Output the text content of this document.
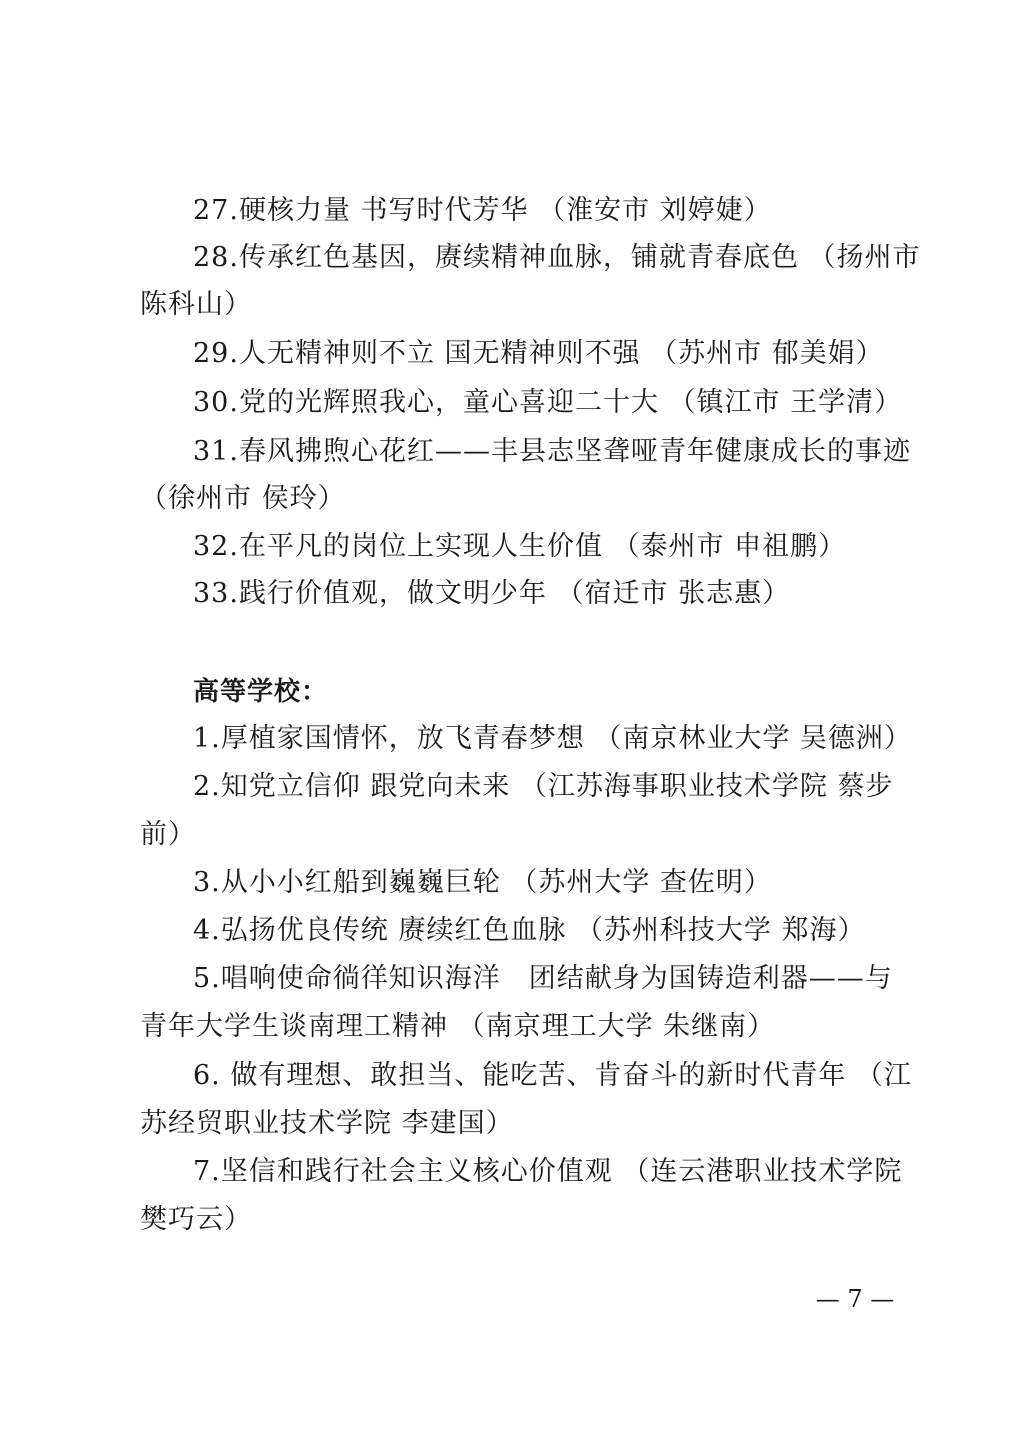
27.硬核力量 书写时代芳华 （淮安市 刘婷婕）
28.传承红色基因，赓续精神血脉，铺就青春底色 （扬州市
陈科山）
29.人无精神则不立 国无精神则不强 （苏州市 郁美娟）
30.党的光辉照我心，童心喜迎二十大 （镇江市 王学清）
31.春风拂煦心花红——丰县志坚聋哑青年健康成长的事迹
（徐州市 侯玲）
32.在平凡的岗位上实现人生价值 （泰州市 申祖鹏）
33.践行价值观，做文明少年 （宿迁市 张志惠）
高等学校：
1.厚植家国情怀，放飞青春梦想 （南京林业大学 吴德洲）
2.知党立信仰 跟党向未来 （江苏海事职业技术学院 蔡步
前）
3.从小小红船到巍巍巨轮 （苏州大学 查佐明）
4.弘扬优良传统 赓续红色血脉 （苏州科技大学 郑海）
5.唱响使命徜徉知识海洋　团结献身为国铸造利器——与
青年大学生谈南理工精神 （南京理工大学 朱继南）
6. 做有理想、敢担当、能吃苦、肯奋斗的新时代青年 （江
苏经贸职业技术学院 李建国）
7.坚信和践行社会主义核心价值观 （连云港职业技术学院
樊巧云）
— 7 —
